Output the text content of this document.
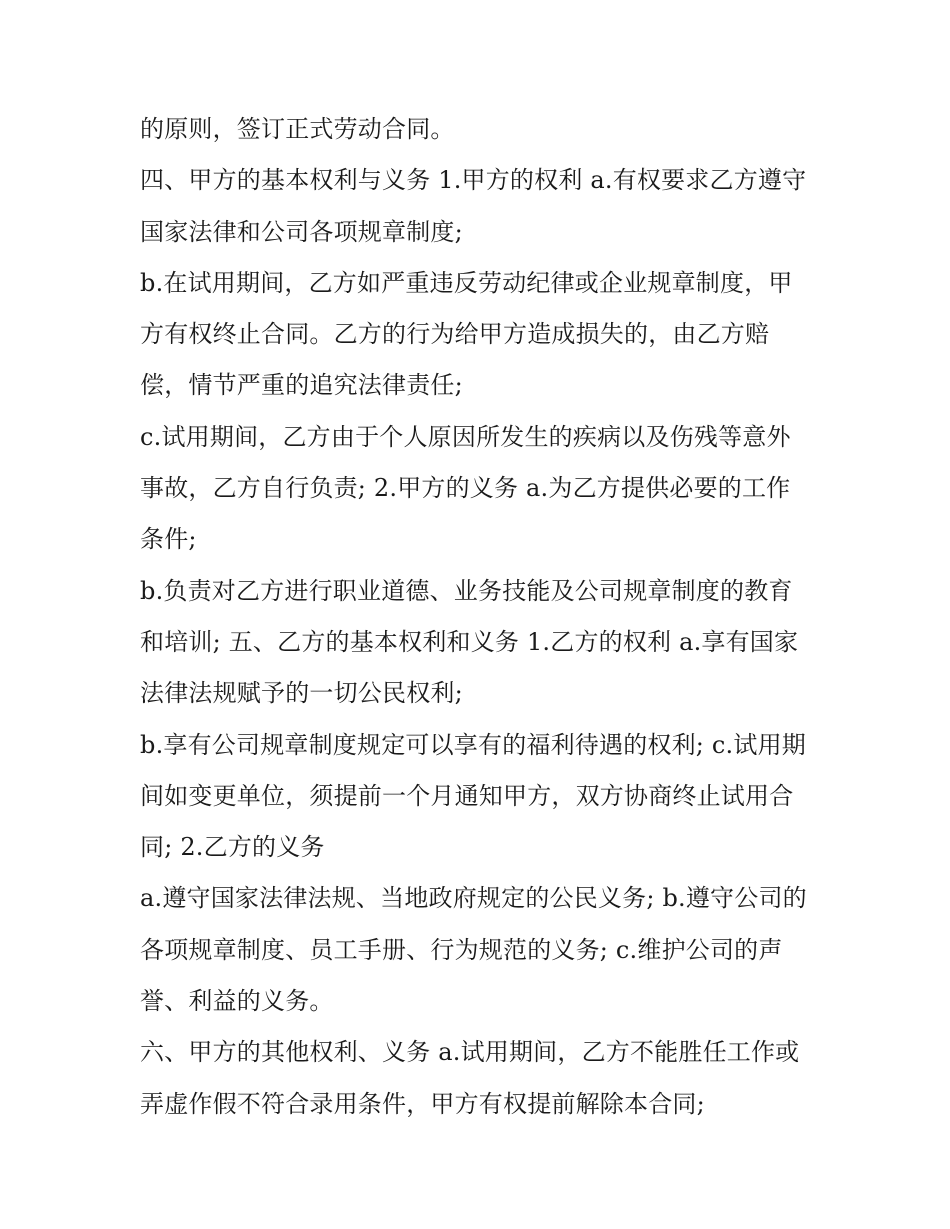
的原则，签订正式劳动合同。

四、甲方的基本权利与义务 1.甲方的权利 a.有权要求乙方遵守国家法律和公司各项规章制度;

b.在试用期间，乙方如严重违反劳动纪律或企业规章制度，甲方有权终止合同。乙方的行为给甲方造成损失的，由乙方赔偿，情节严重的追究法律责任;

c.试用期间，乙方由于个人原因所发生的疾病以及伤残等意外事故，乙方自行负责; 2.甲方的义务 a.为乙方提供必要的工作条件;

b.负责对乙方进行职业道德、业务技能及公司规章制度的教育和培训; 五、乙方的基本权利和义务 1.乙方的权利 a.享有国家法律法规赋予的一切公民权利;

b.享有公司规章制度规定可以享有的福利待遇的权利; c.试用期间如变更单位，须提前一个月通知甲方，双方协商终止试用合同; 2.乙方的义务

a.遵守国家法律法规、当地政府规定的公民义务; b.遵守公司的各项规章制度、员工手册、行为规范的义务; c.维护公司的声誉、利益的义务。

六、甲方的其他权利、义务 a.试用期间，乙方不能胜任工作或弄虚作假不符合录用条件，甲方有权提前解除本合同;
